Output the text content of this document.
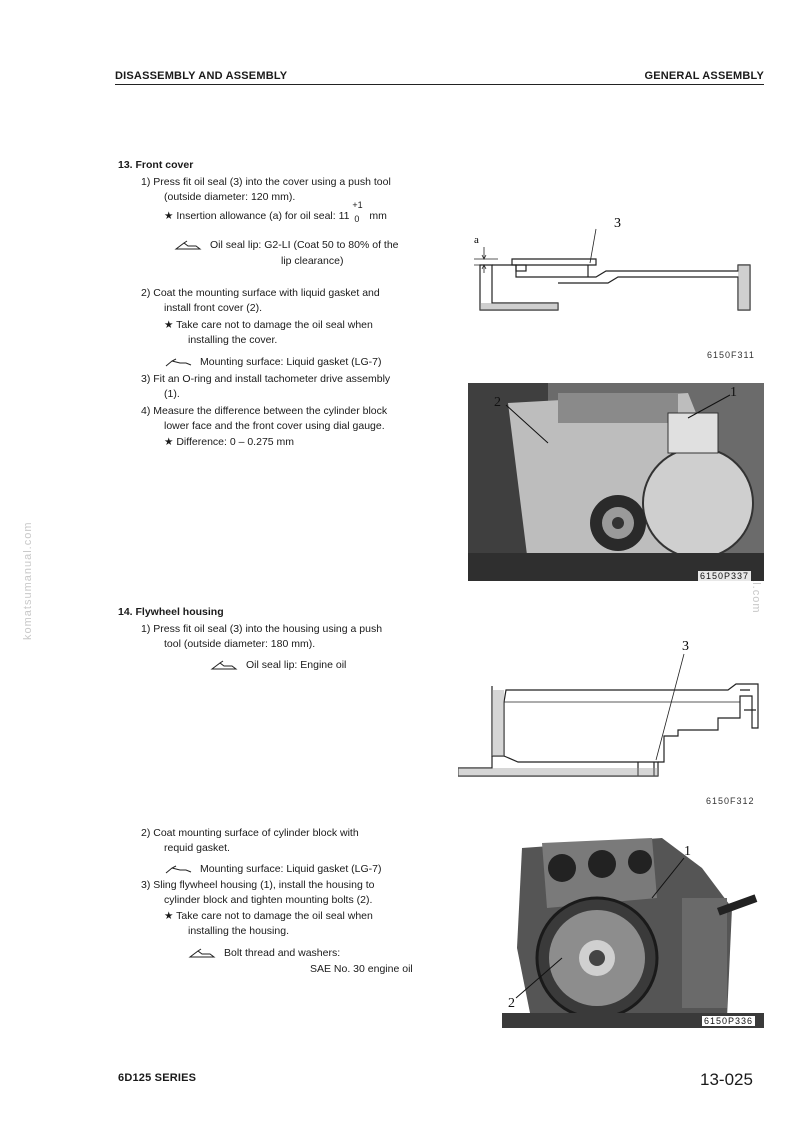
DISASSEMBLY AND ASSEMBLY	GENERAL ASSEMBLY
komatsumanual.com
13. Front cover
1) Press fit oil seal (3) into the cover using a push tool
(outside diameter: 120 mm).
★ Insertion allowance (a) for oil seal: 11
+1
0 mm
Oil seal lip: G2-LI (Coat 50 to 80% of the
lip clearance)
2) Coat the mounting surface with liquid gasket and
install front cover (2).
★ Take care not to damage the oil seal when
installing the cover.
Mounting surface: Liquid gasket (LG-7)
3) Fit an O-ring and install tachometer drive assembly
(1).
4) Measure the difference between the cylinder block
lower face and the front cover using dial gauge.
★ Difference: 0 – 0.275 mm
3
a
6150F311
2
1
6150P337
14. Flywheel housing
1) Press fit oil seal (3) into the housing using a push
tool (outside diameter: 180 mm).
Oil seal lip: Engine oil
3
6150F312
2) Coat mounting surface of cylinder block with
requid gasket.
Mounting surface: Liquid gasket (LG-7)
3) Sling flywheel housing (1), install the housing to
cylinder block and tighten mounting bolts (2).
★ Take care not to damage the oil seal when
installing the housing.
Bolt thread and washers:
SAE No. 30 engine oil
1
2
6150P336
6D125 SERIES	13-025
